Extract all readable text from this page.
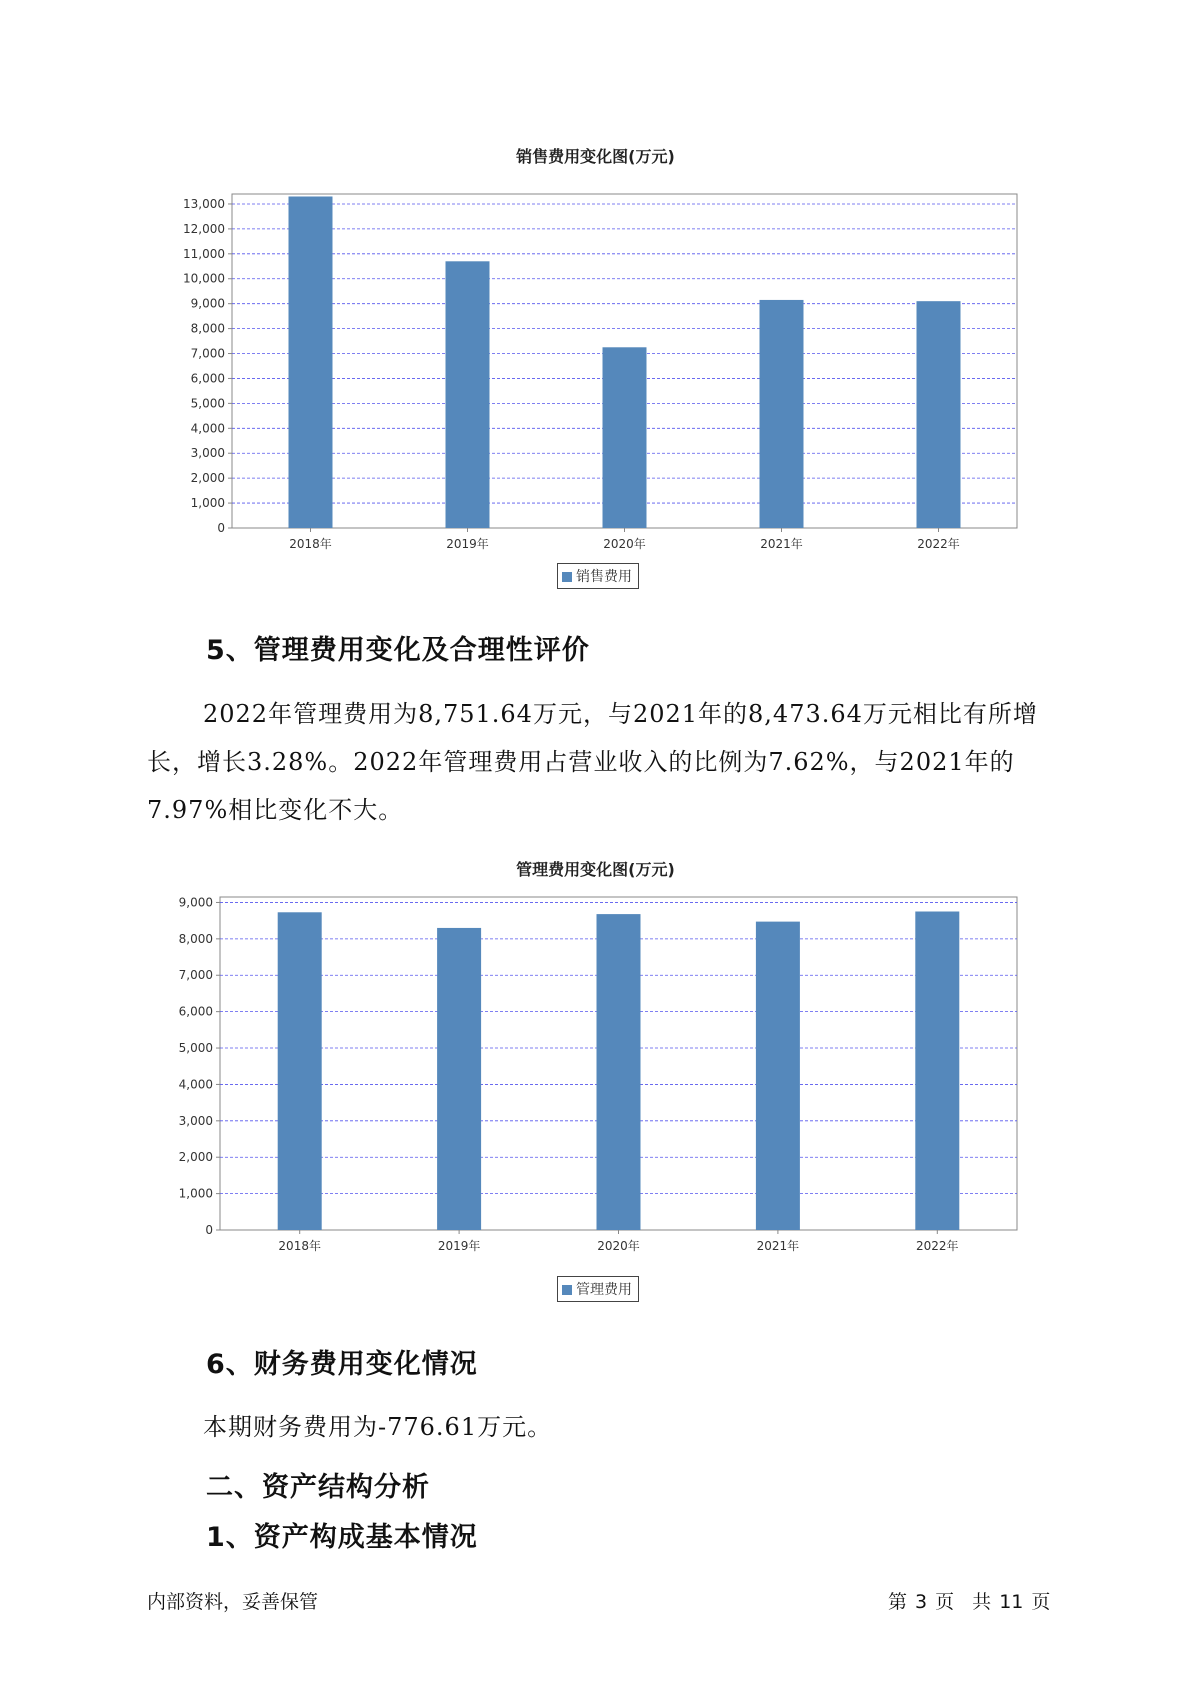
销售费用变化图(万元)
0
1,000
2,000
3,000
4,000
5,000
6,000
7,000
8,000
9,000
10,000
11,000
12,000
13,000
2018年	2019年	2020年	2021年	2022年
销售费用
5、管理费用变化及合理性评价

2022年管理费用为8,751.64万元，与2021年的8,473.64万元相比有所增长，增长3.28%。2022年管理费用占营业收入的比例为7.62%，与2021年的7.97%相比变化不大。

管理费用变化图(万元)
0
1,000
2,000
3,000
4,000
5,000
6,000
7,000
8,000
9,000
2018年	2019年	2020年	2021年	2022年
管理费用
6、财务费用变化情况
本期财务费用为-776.61万元。
二、资产结构分析
1、资产构成基本情况
内部资料，妥善保管	第 3 页 共 11 页
